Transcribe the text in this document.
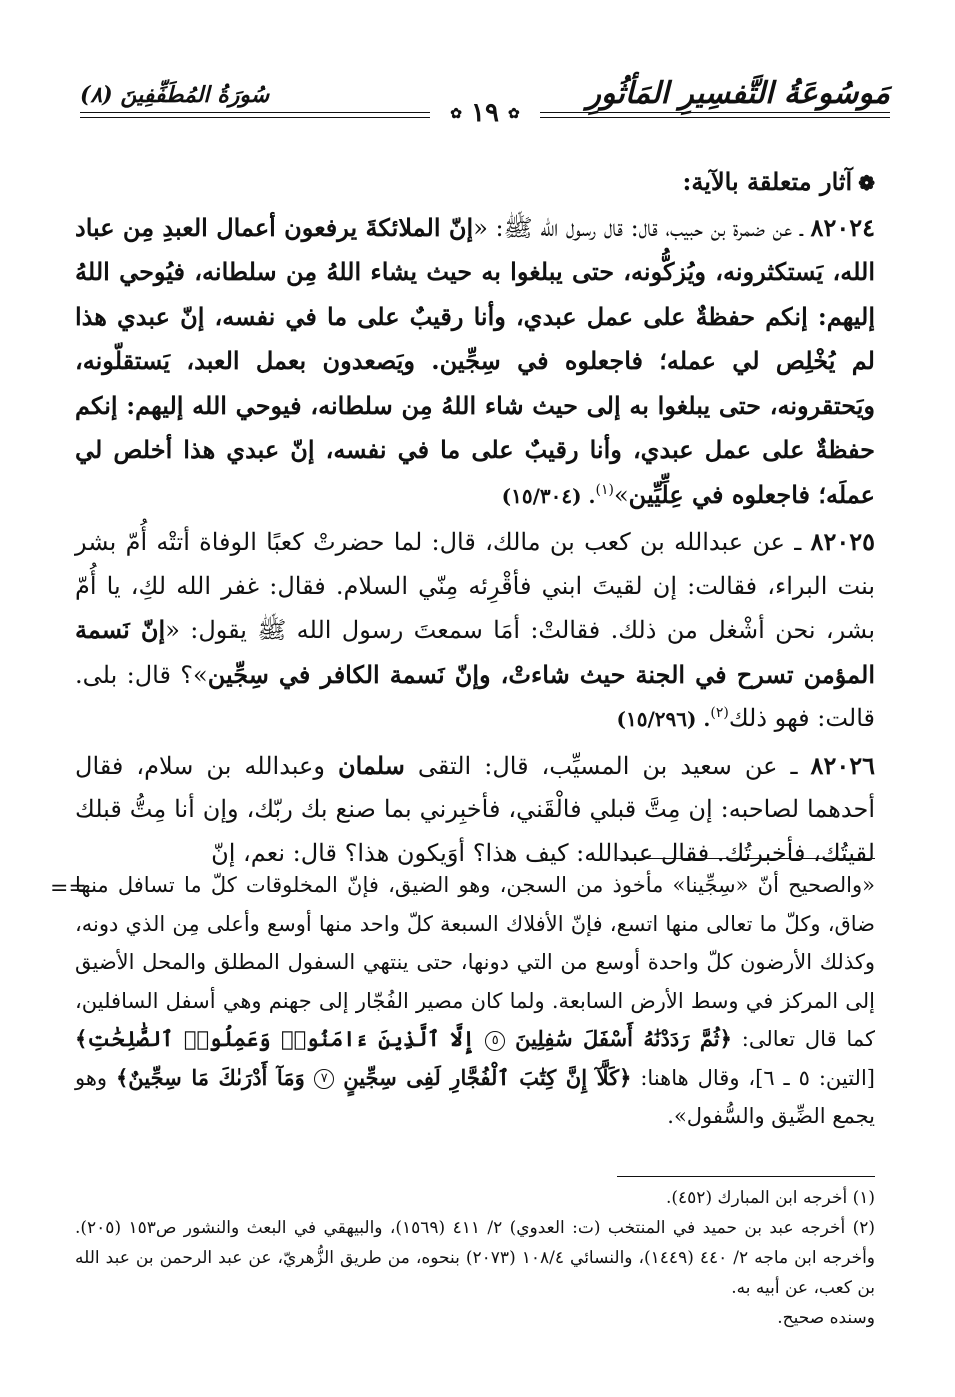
مَوسُوعَةُ التَّفسِيرِ المَأثُورِ
✿ ١٩ ✿
سُورَةُ المُطَفِّفِينَ (٨)
❁آثار متعلقة بالآية:

٨٢٠٢٤ ـ عن ضمرة بن حبيب، قال: قال رسول الله ﷺ: «إنّ الملائكةَ يرفعون أعمال العبدِ مِن عباد الله، يَستكثرونه، ويُزكُّونه، حتى يبلغوا به حيث يشاء اللهُ مِن سلطانه، فيُوحي اللهُ إليهم: إنكم حفظةٌ على عمل عبدي، وأنا رقيبٌ على ما في نفسه، إنّ عبدي هذا لم يُخْلِص لي عمله؛ فاجعلوه في سِجِّين. ويَصعدون بعمل العبد، يَستقلّونه، ويَحتقرونه، حتى يبلغوا به إلى حيث شاء اللهُ مِن سلطانه، فيوحي الله إليهم: إنكم حفظةٌ على عمل عبدي، وأنا رقيبٌ على ما في نفسه، إنّ عبدي هذا أخلص لي عملَه؛ فاجعلوه في عِلِّيِّين»$^{(١)}$. (١٥/٣٠٤)

٨٢٠٢٥ ـ عن عبدالله بن كعب بن مالك، قال: لما حضرتْ كعبًا الوفاة أتتْه أُمّ بشر بنت البراء، فقالت: إن لقيتَ ابني فأقْرِئه مِنّي السلام. فقال: غفر الله لكِ، يا أُمّ بشر، نحن أشْغل من ذلك. فقالتْ: أمَا سمعتَ رسول الله ﷺ يقول: «إنّ نَسمة المؤمن تسرح في الجنة حيث شاءتْ، وإنّ نَسمة الكافر في سِجِّين»؟ قال: بلى. قالت: فهو ذلك$^{(٢)}$. (١٥/٢٩٦)

٨٢٠٢٦ ـ عن سعيد بن المسيِّب، قال: التقى سلمان وعبدالله بن سلام، فقال أحدهما لصاحبه: إن مِتَّ قبلي فالْقَني، فأخبِرني بما صنع بك ربّك، وإن أنا مِتُّ قبلك لقيتُك، فأخبرتُك. فقال عبدالله: كيف هذا؟ أوَيكون هذا؟ قال: نعم، إنّ

==
«والصحيح أنّ «سِجِّينا» مأخوذ من السجن، وهو الضيق، فإنّ المخلوقات كلّ ما تسافل منها ضاق، وكلّ ما تعالى منها اتسع، فإنّ الأفلاك السبعة كلّ واحد منها أوسع وأعلى مِن الذي دونه، وكذلك الأرضون كلّ واحدة أوسع من التي دونها، حتى ينتهي السفول المطلق والمحل الأضيق إلى المركز في وسط الأرض السابعة. ولما كان مصير الفُجّار إلى جهنم وهي أسفل السافلين، كما قال تعالى: ﴿ثُمَّ رَدَدْنَٰهُ أَسْفَلَ سَٰفِلِينَ ٥ إِلَّا ٱلَّذِينَ ءَامَنُوا۟ وَعَمِلُوا۟ ٱلصَّٰلِحَٰتِ﴾ [التين: ٥ ـ ٦]، وقال هاهنا: ﴿كَلَّآ إِنَّ كِتَٰبَ ٱلْفُجَّارِ لَفِى سِجِّينٍ ٧ وَمَآ أَدْرَىٰكَ مَا سِجِّينٌ﴾ وهو يجمع الضِّيق والسُّفول».

(١) أخرجه ابن المبارك (٤٥٢).

(٢) أخرجه عبد بن حميد في المنتخب (ت: العدوي) ٢/ ٤١١ (١٥٦٩)، والبيهقي في البعث والنشور ص١٥٣ (٢٠٥). وأخرجه ابن ماجه ٢/ ٤٤٠ (١٤٤٩)، والنسائي ١٠٨/٤ (٢٠٧٣) بنحوه، من طريق الزُّهريّ، عن عبد الرحمن بن عبد الله بن كعب، عن أبيه به.

وسنده صحيح.
